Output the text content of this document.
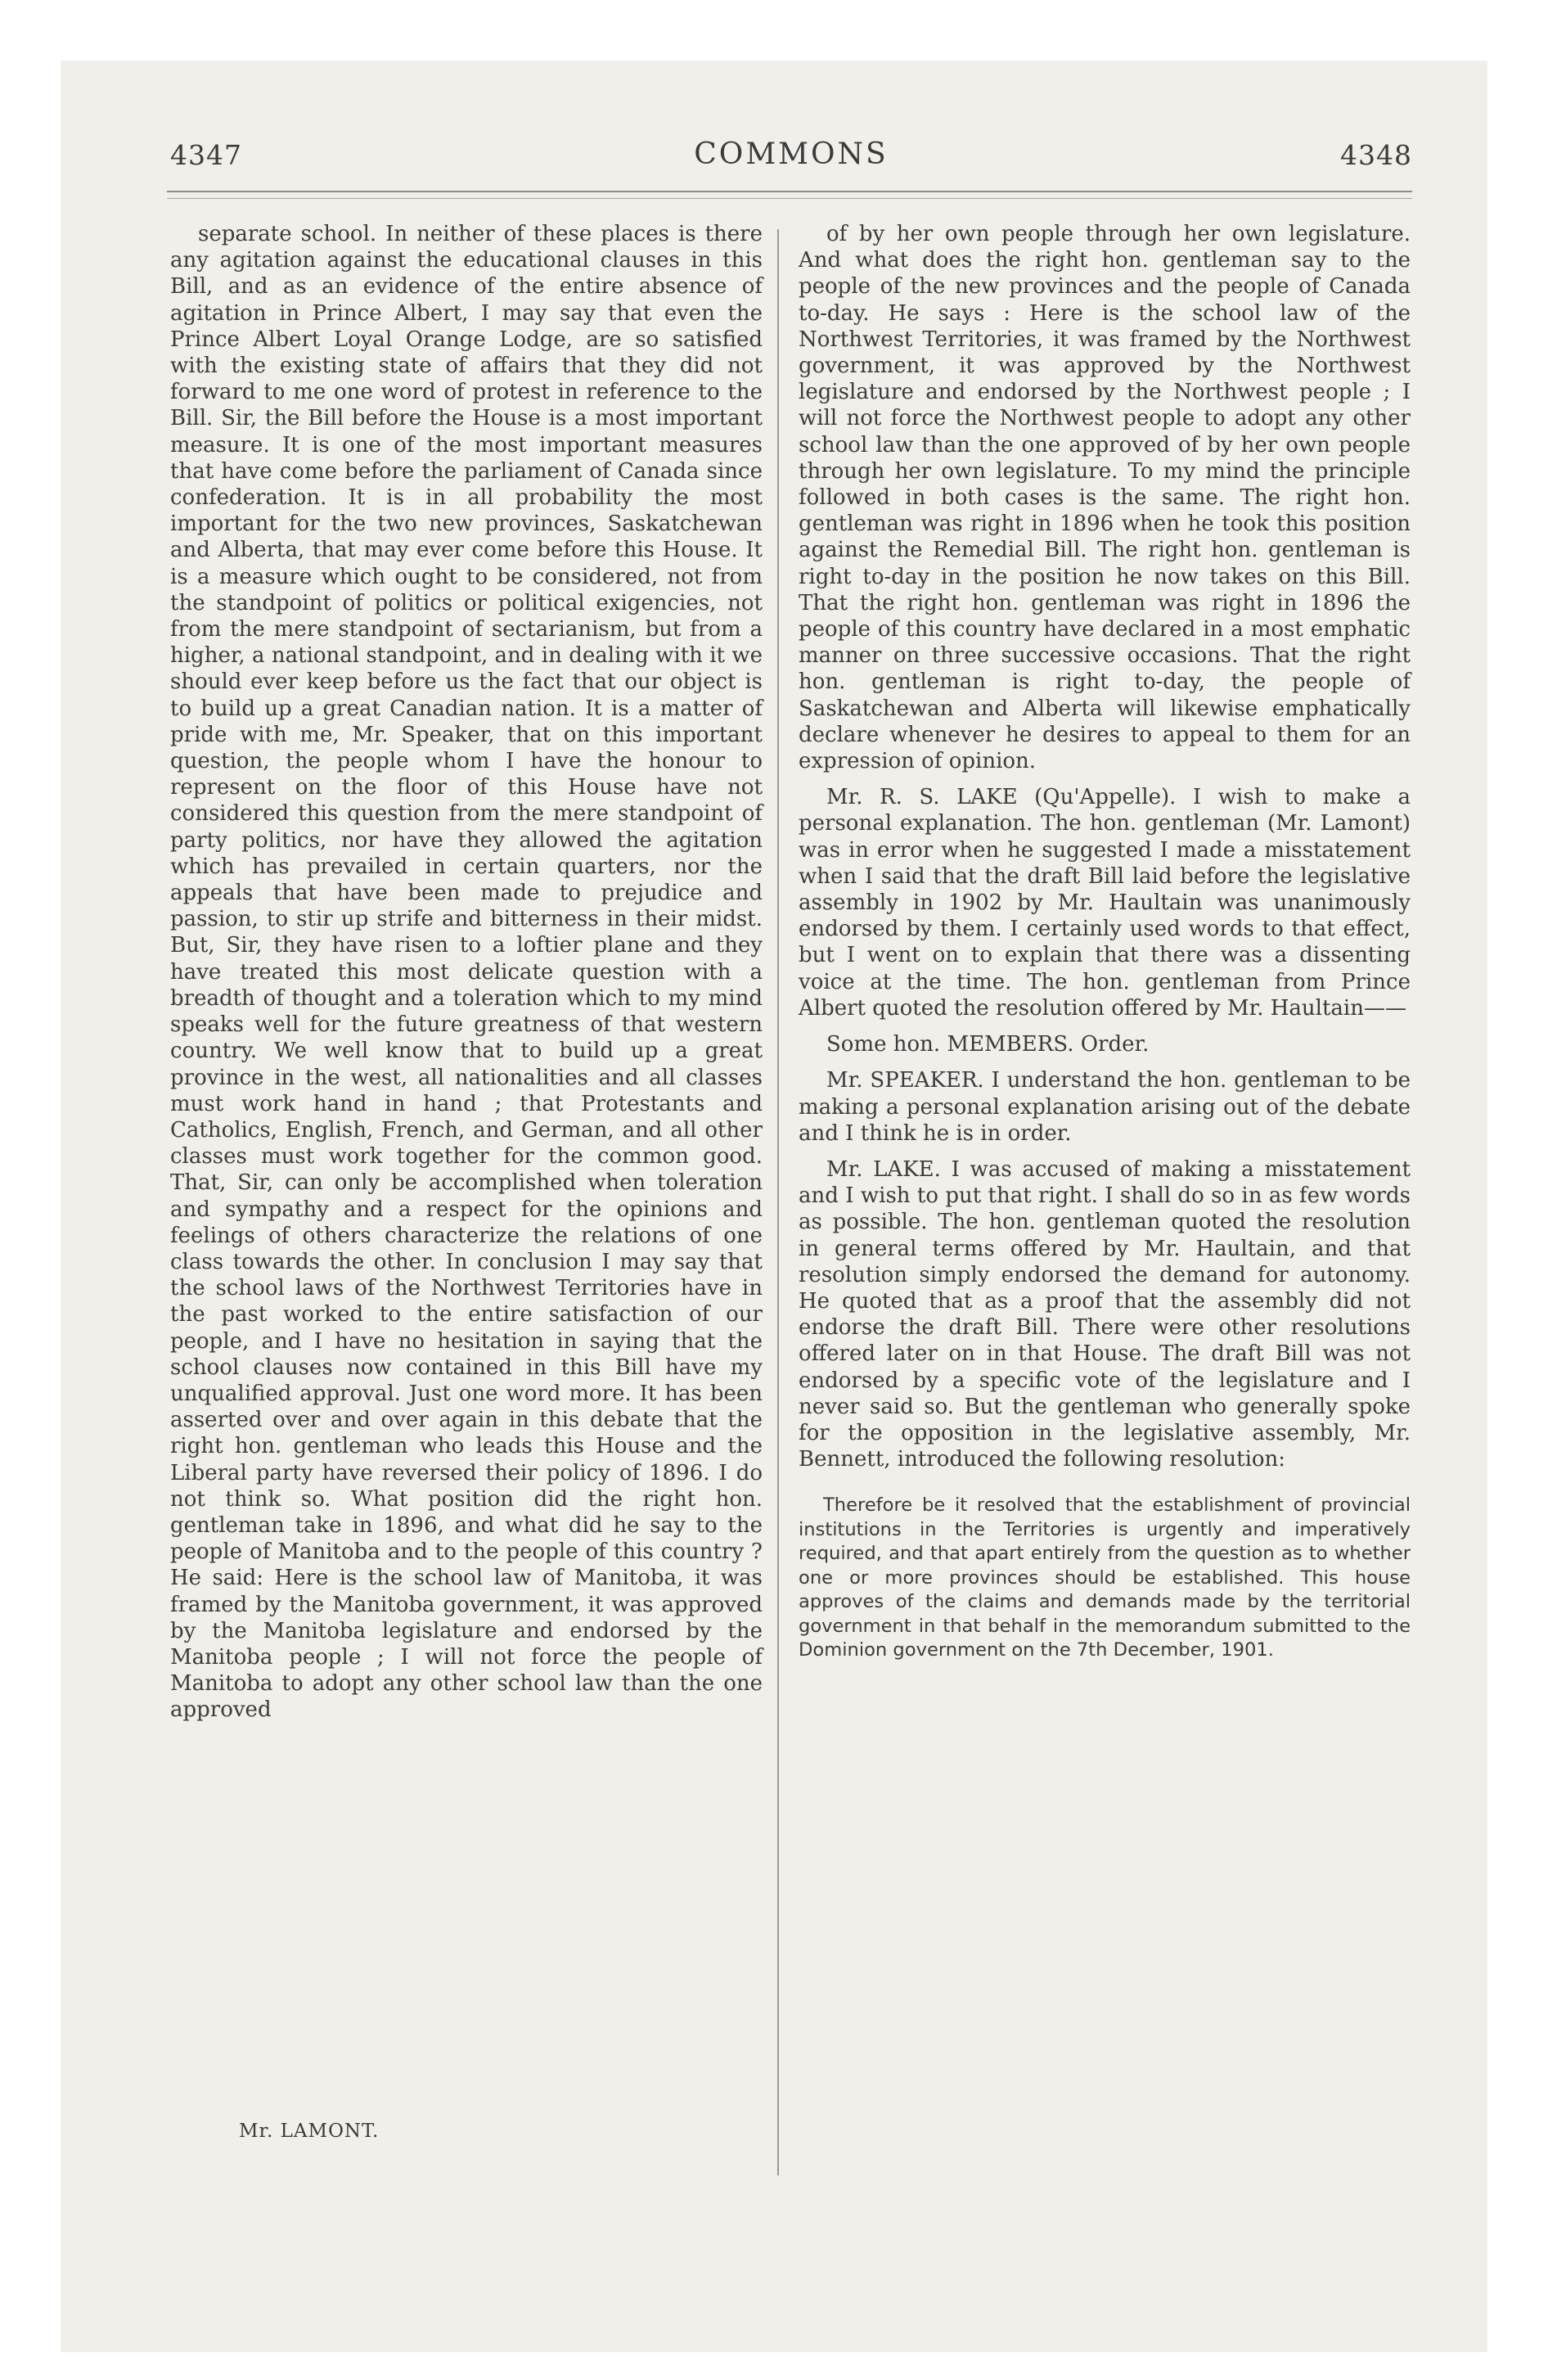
4347	COMMONS	4348

separate school. In neither of these places is there any agitation against the educational clauses in this Bill, and as an evidence of the entire absence of agitation in Prince Albert, I may say that even the Prince Albert Loyal Orange Lodge, are so satisfied with the existing state of affairs that they did not forward to me one word of protest in reference to the Bill. Sir, the Bill before the House is a most important measure. It is one of the most important measures that have come before the parliament of Canada since confederation. It is in all probability the most important for the two new provinces, Saskatchewan and Alberta, that may ever come before this House. It is a measure which ought to be considered, not from the standpoint of politics or political exigencies, not from the mere standpoint of sectarianism, but from a higher, a national standpoint, and in dealing with it we should ever keep before us the fact that our object is to build up a great Canadian nation. It is a matter of pride with me, Mr. Speaker, that on this important question, the people whom I have the honour to represent on the floor of this House have not considered this question from the mere standpoint of party politics, nor have they allowed the agitation which has prevailed in certain quarters, nor the appeals that have been made to prejudice and passion, to stir up strife and bitterness in their midst. But, Sir, they have risen to a loftier plane and they have treated this most delicate question with a breadth of thought and a toleration which to my mind speaks well for the future greatness of that western country. We well know that to build up a great province in the west, all nationalities and all classes must work hand in hand ; that Protestants and Catholics, English, French, and German, and all other classes must work together for the common good. That, Sir, can only be accomplished when toleration and sympathy and a respect for the opinions and feelings of others characterize the relations of one class towards the other. In conclusion I may say that the school laws of the Northwest Territories have in the past worked to the entire satisfaction of our people, and I have no hesitation in saying that the school clauses now contained in this Bill have my unqualified approval. Just one word more. It has been asserted over and over again in this debate that the right hon. gentleman who leads this House and the Liberal party have reversed their policy of 1896. I do not think so. What position did the right hon. gentleman take in 1896, and what did he say to the people of Manitoba and to the people of this country ? He said: Here is the school law of Manitoba, it was framed by the Manitoba government, it was approved by the Manitoba legislature and endorsed by the Manitoba people ; I will not force the people of Manitoba to adopt any other school law than the one approved

of by her own people through her own legislature. And what does the right hon. gentleman say to the people of the new provinces and the people of Canada to-day. He says : Here is the school law of the Northwest Territories, it was framed by the Northwest government, it was approved by the Northwest legislature and endorsed by the Northwest people ; I will not force the Northwest people to adopt any other school law than the one approved of by her own people through her own legislature. To my mind the principle followed in both cases is the same. The right hon. gentleman was right in 1896 when he took this position against the Remedial Bill. The right hon. gentleman is right to-day in the position he now takes on this Bill. That the right hon. gentleman was right in 1896 the people of this country have declared in a most emphatic manner on three successive occasions. That the right hon. gentleman is right to-day, the people of Saskatchewan and Alberta will likewise emphatically declare whenever he desires to appeal to them for an expression of opinion.

Mr. R. S. LAKE (Qu'Appelle). I wish to make a personal explanation. The hon. gentleman (Mr. Lamont) was in error when he suggested I made a misstatement when I said that the draft Bill laid before the legislative assembly in 1902 by Mr. Haultain was unanimously endorsed by them. I certainly used words to that effect, but I went on to explain that there was a dissenting voice at the time. The hon. gentleman from Prince Albert quoted the resolution offered by Mr. Haultain——

Some hon. MEMBERS. Order.

Mr. SPEAKER. I understand the hon. gentleman to be making a personal explanation arising out of the debate and I think he is in order.

Mr. LAKE. I was accused of making a misstatement and I wish to put that right. I shall do so in as few words as possible. The hon. gentleman quoted the resolution in general terms offered by Mr. Haultain, and that resolution simply endorsed the demand for autonomy. He quoted that as a proof that the assembly did not endorse the draft Bill. There were other resolutions offered later on in that House. The draft Bill was not endorsed by a specific vote of the legislature and I never said so. But the gentleman who generally spoke for the opposition in the legislative assembly, Mr. Bennett, introduced the following resolution:

Therefore be it resolved that the establishment of provincial institutions in the Territories is urgently and imperatively required, and that apart entirely from the question as to whether one or more provinces should be established. This house approves of the claims and demands made by the territorial government in that behalf in the memorandum submitted to the Dominion government on the 7th December, 1901.

Mr. LAMONT.
